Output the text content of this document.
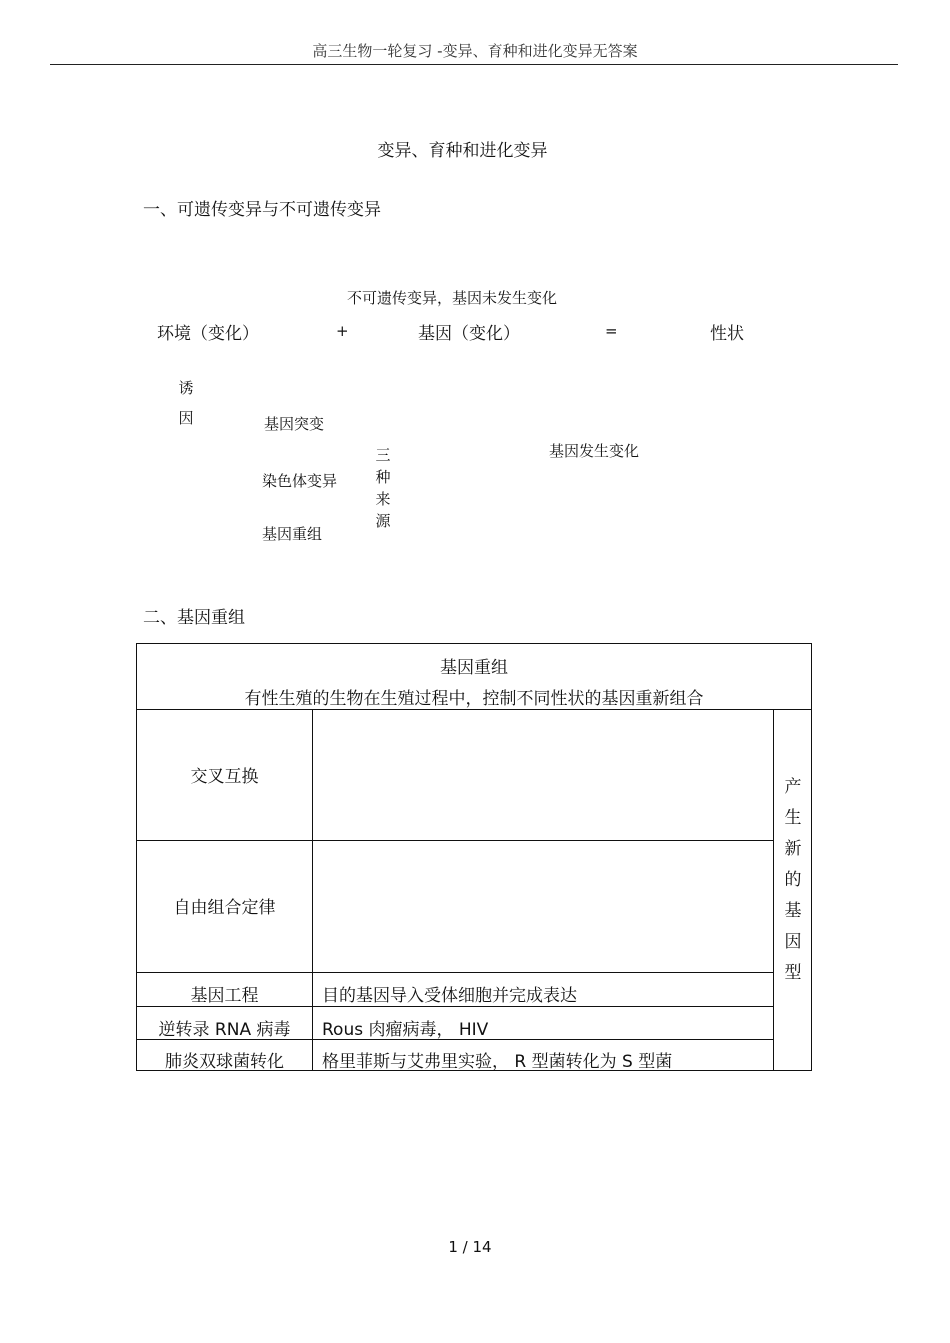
高三生物一轮复习 -变异、育种和进化变异无答案
变异、育种和进化变异
一、可遗传变异与不可遗传变异
不可遗传变异，基因未发生变化
环境（变化）	+	基因（变化）	=	性状
诱
因	基因突变
染色体变异
基因重组
三
种
来
源
基因发生变化
二、基因重组
基因重组
有性生殖的生物在生殖过程中，控制不同性状的基因重新组合
交叉互换
自由组合定律
基因工程	目的基因导入受体细胞并完成表达
逆转录 RNA 病毒	Rous 肉瘤病毒， HIV
肺炎双球菌转化	格里菲斯与艾弗里实验， R 型菌转化为 S 型菌
产
生
新
的
基
因
型
1 / 14
